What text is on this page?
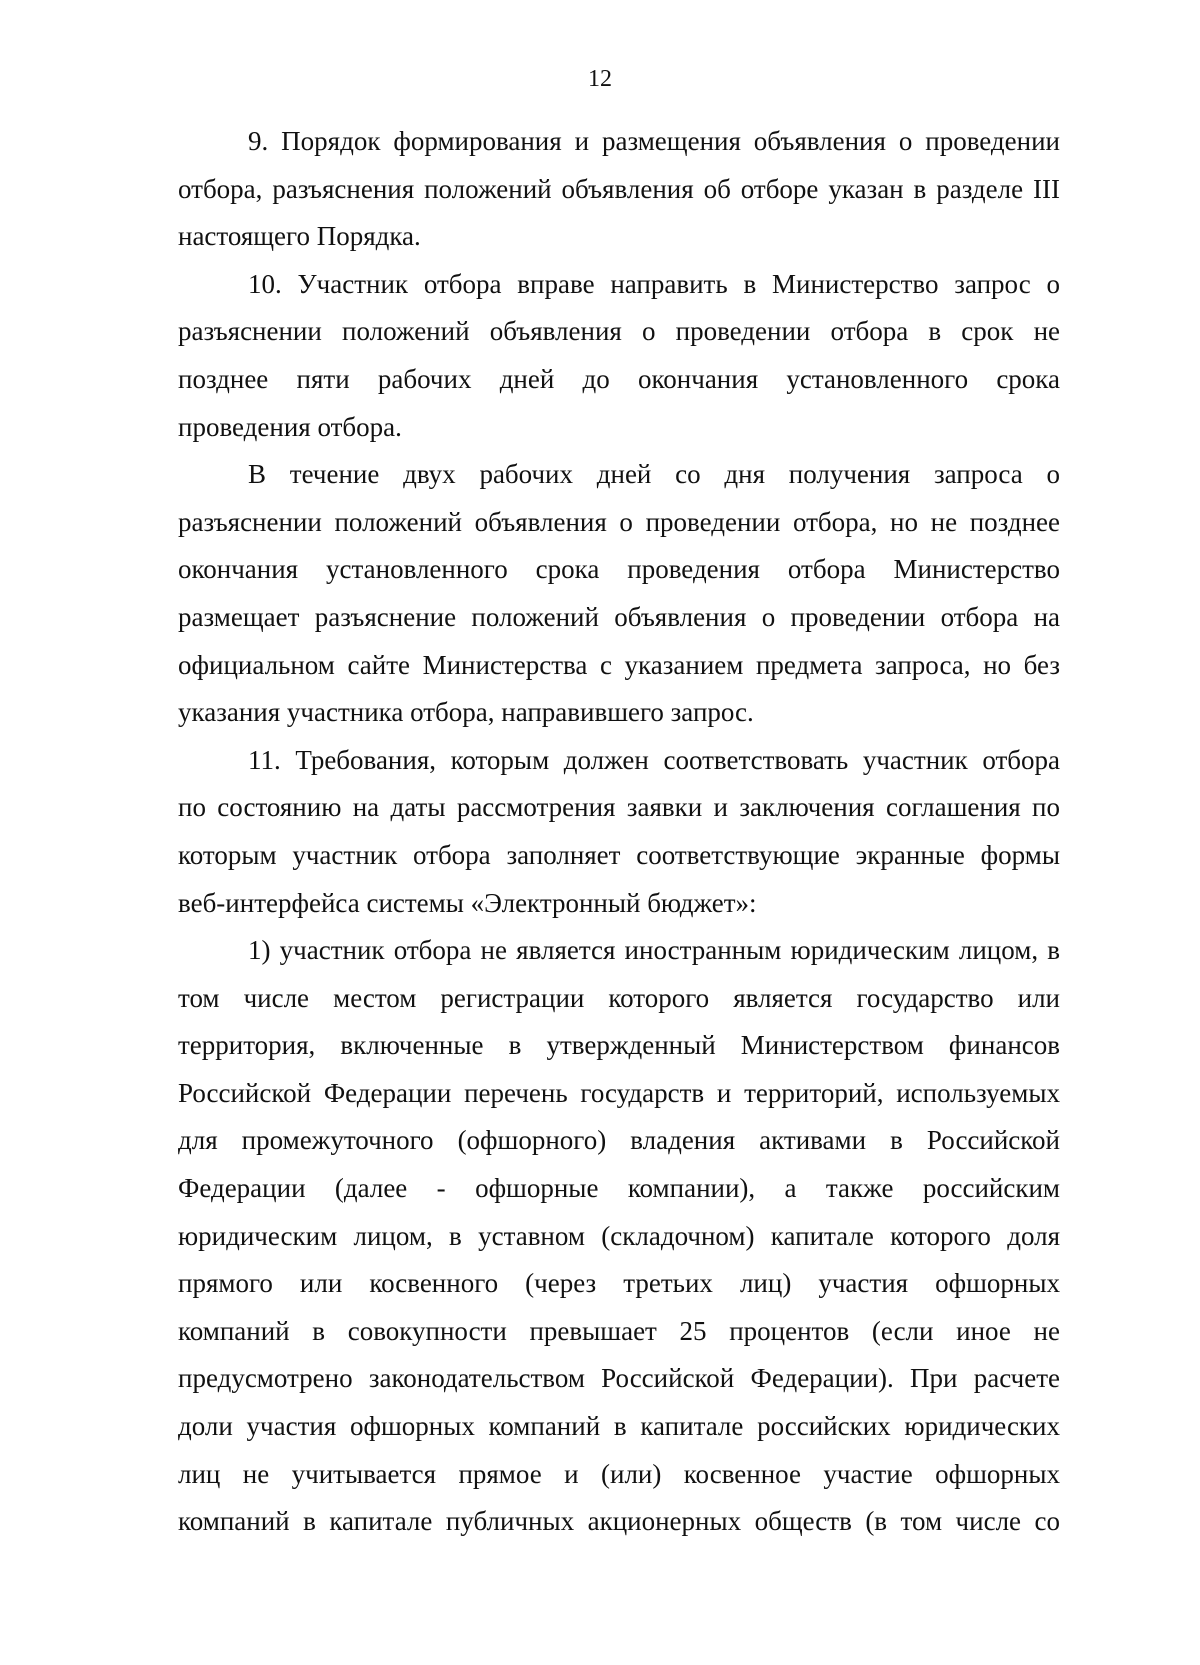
12
9. Порядок формирования и размещения объявления о проведении
отбора, разъяснения положений объявления об отборе указан в разделе III
настоящего Порядка.
10. Участник отбора вправе направить в Министерство запрос о
разъяснении положений объявления о проведении отбора в срок не
позднее пяти рабочих дней до окончания установленного срока
проведения отбора.
В течение двух рабочих дней со дня получения запроса о
разъяснении положений объявления о проведении отбора, но не позднее
окончания установленного срока проведения отбора Министерство
размещает разъяснение положений объявления о проведении отбора на
официальном сайте Министерства с указанием предмета запроса, но без
указания участника отбора, направившего запрос.
11. Требования, которым должен соответствовать участник отбора
по состоянию на даты рассмотрения заявки и заключения соглашения по
которым участник отбора заполняет соответствующие экранные формы
веб-интерфейса системы «Электронный бюджет»:
1) участник отбора не является иностранным юридическим лицом, в
том числе местом регистрации которого является государство или
территория, включенные в утвержденный Министерством финансов
Российской Федерации перечень государств и территорий, используемых
для промежуточного (офшорного) владения активами в Российской
Федерации (далее - офшорные компании), а также российским
юридическим лицом, в уставном (складочном) капитале которого доля
прямого или косвенного (через третьих лиц) участия офшорных
компаний в совокупности превышает 25 процентов (если иное не
предусмотрено законодательством Российской Федерации). При расчете
доли участия офшорных компаний в капитале российских юридических
лиц не учитывается прямое и (или) косвенное участие офшорных
компаний в капитале публичных акционерных обществ (в том числе со
